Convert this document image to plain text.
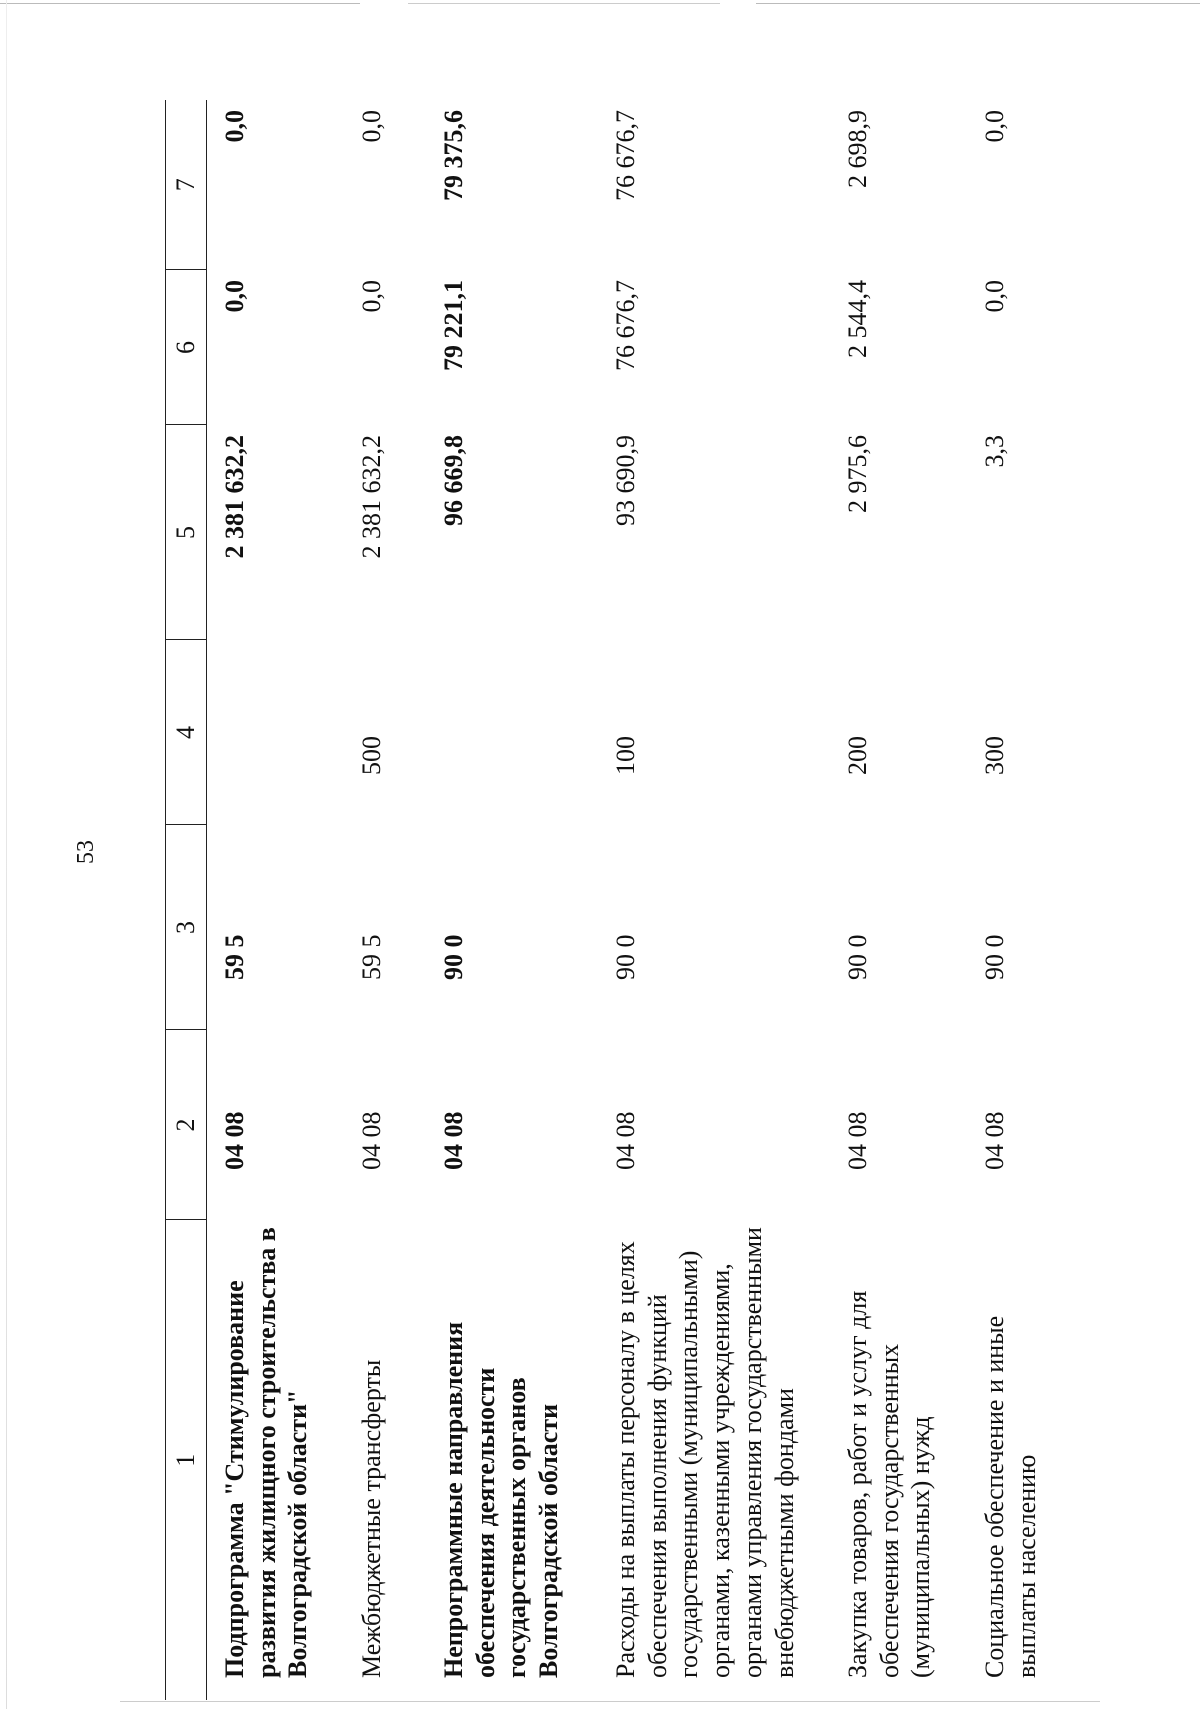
53
1	2	3	4	5	6	7
Подпрограмма "Стимулирование развития жилищного строительства в Волгоградской области"	04 08	59 5		2 381 632,2	0,0	0,0
Межбюджетные трансферты	04 08	59 5	500	2 381 632,2	0,0	0,0
Непрограммные направления обеспечения деятельности государственных органов Волгоградской области	04 08	90 0		96 669,8	79 221,1	79 375,6
Расходы на выплаты персоналу в целях обеспечения выполнения функций государственными (муниципальными) органами, казенными учреждениями, органами управления государственными внебюджетными фондами	04 08	90 0	100	93 690,9	76 676,7	76 676,7
Закупка товаров, работ и услуг для обеспечения государственных (муниципальных) нужд	04 08	90 0	200	2 975,6	2 544,4	2 698,9
Социальное обеспечение и иные выплаты населению	04 08	90 0	300	3,3	0,0	0,0
